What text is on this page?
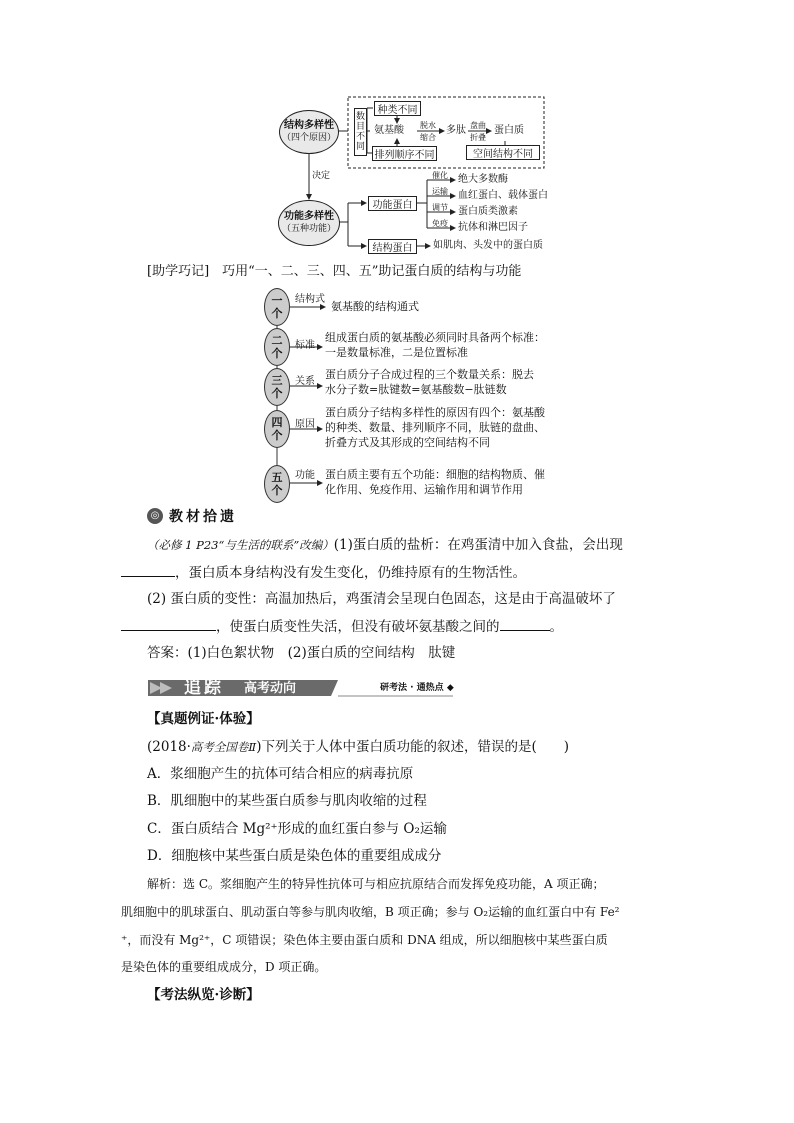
结构多样性
（四个原因）
功能多样性
（五种功能）
决定
数
目
不
同
种类不同
氨基酸 脱水
缩合
多肽 盘曲
折叠
蛋白质
排列顺序不同	空间结构不同
功能蛋白
结构蛋白
催化
运输
调节
免疫
绝大多数酶
血红蛋白、载体蛋白
蛋白质类激素
抗体和淋巴因子
如肌肉、头发中的蛋白质
[助学巧记]　巧用“一、二、三、四、五”助记蛋白质的结构与功能
一
个
结构式
氨基酸的结构通式
二
个
标准
组成蛋白质的氨基酸必须同时具备两个标准：
一是数量标准，二是位置标准
三
个
关系
蛋白质分子合成过程的三个数量关系：脱去
水分子数=肽键数=氨基酸数−肽链数
四
个
原因
蛋白质分子结构多样性的原因有四个：氨基酸
的种类、数量、排列顺序不同，肽链的盘曲、
折叠方式及其形成的空间结构不同
五
个
功能 蛋白质主要有五个功能：细胞的结构物质、催
化作用、免疫作用、运输作用和调节作用
◎ 教材拾遗
（必修 1 P23“与生活的联系”改编）(1)蛋白质的盐析：在鸡蛋清中加入食盐，会出现
，蛋白质本身结构没有发生变化，仍维持原有的生物活性。
(2) 蛋白质的变性：高温加热后，鸡蛋清会呈现白色固态，这是由于高温破坏了
，使蛋白质变性失活，但没有破坏氨基酸之间的	。
答案：(1)白色絮状物　(2)蛋白质的空间结构　肽键
追踪 高考动向	研考法 · 通热点 ◆
【真题例证·体验】
(2018·高考全国卷Ⅱ)下列关于人体中蛋白质功能的叙述，错误的是(　　)
A．浆细胞产生的抗体可结合相应的病毒抗原
B．肌细胞中的某些蛋白质参与肌肉收缩的过程
C．蛋白质结合 Mg²⁺形成的血红蛋白参与 O₂运输
D．细胞核中某些蛋白质是染色体的重要组成成分
解析：选 C。浆细胞产生的特异性抗体可与相应抗原结合而发挥免疫功能，A 项正确；
肌细胞中的肌球蛋白、肌动蛋白等参与肌肉收缩，B 项正确；参与 O₂运输的血红蛋白中有 Fe²
⁺，而没有 Mg²⁺，C 项错误；染色体主要由蛋白质和 DNA 组成，所以细胞核中某些蛋白质
是染色体的重要组成成分，D 项正确。
【考法纵览·诊断】
